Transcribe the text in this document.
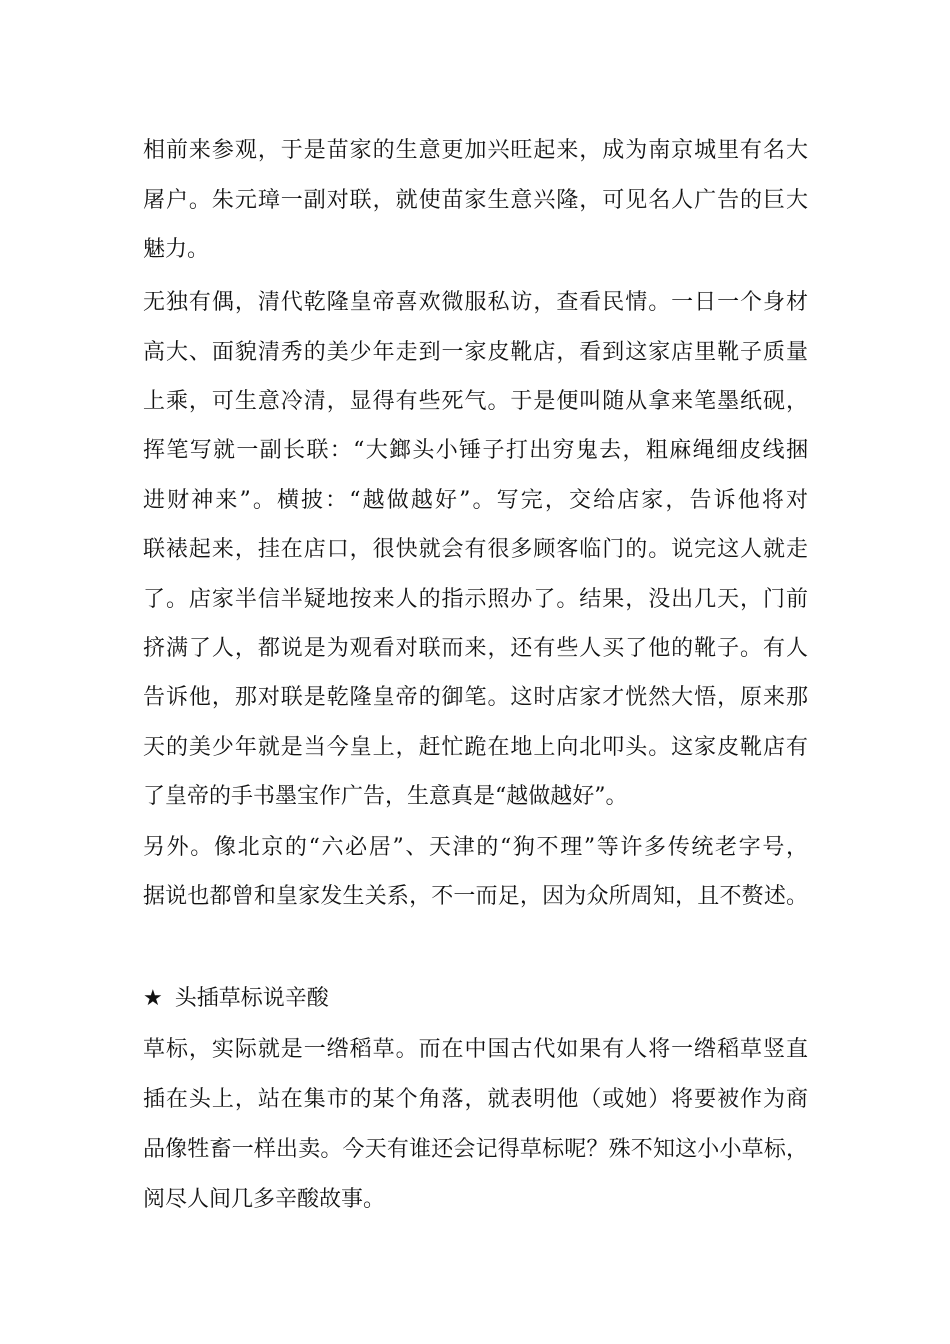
相前来参观，于是苗家的生意更加兴旺起来，成为南京城里有名大
屠户。朱元璋一副对联，就使苗家生意兴隆，可见名人广告的巨大
魅力。
无独有偶，清代乾隆皇帝喜欢微服私访，查看民情。一日一个身材
高大、面貌清秀的美少年走到一家皮靴店，看到这家店里靴子质量
上乘，可生意冷清，显得有些死气。于是便叫随从拿来笔墨纸砚，
挥笔写就一副长联：“大鎯头小锤子打出穷鬼去，粗麻绳细皮线捆
进财神来”。横披：“越做越好”。写完，交给店家，告诉他将对
联裱起来，挂在店口，很快就会有很多顾客临门的。说完这人就走
了。店家半信半疑地按来人的指示照办了。结果，没出几天，门前
挤满了人，都说是为观看对联而来，还有些人买了他的靴子。有人
告诉他，那对联是乾隆皇帝的御笔。这时店家才恍然大悟，原来那
天的美少年就是当今皇上，赶忙跪在地上向北叩头。这家皮靴店有
了皇帝的手书墨宝作广告，生意真是“越做越好”。
另外。像北京的“六必居”、天津的“狗不理”等许多传统老字号，
据说也都曾和皇家发生关系，不一而足，因为众所周知，且不赘述。
★ 头插草标说辛酸
草标，实际就是一绺稻草。而在中国古代如果有人将一绺稻草竖直
插在头上，站在集市的某个角落，就表明他（或她）将要被作为商
品像牲畜一样出卖。今天有谁还会记得草标呢？殊不知这小小草标，
阅尽人间几多辛酸故事。
